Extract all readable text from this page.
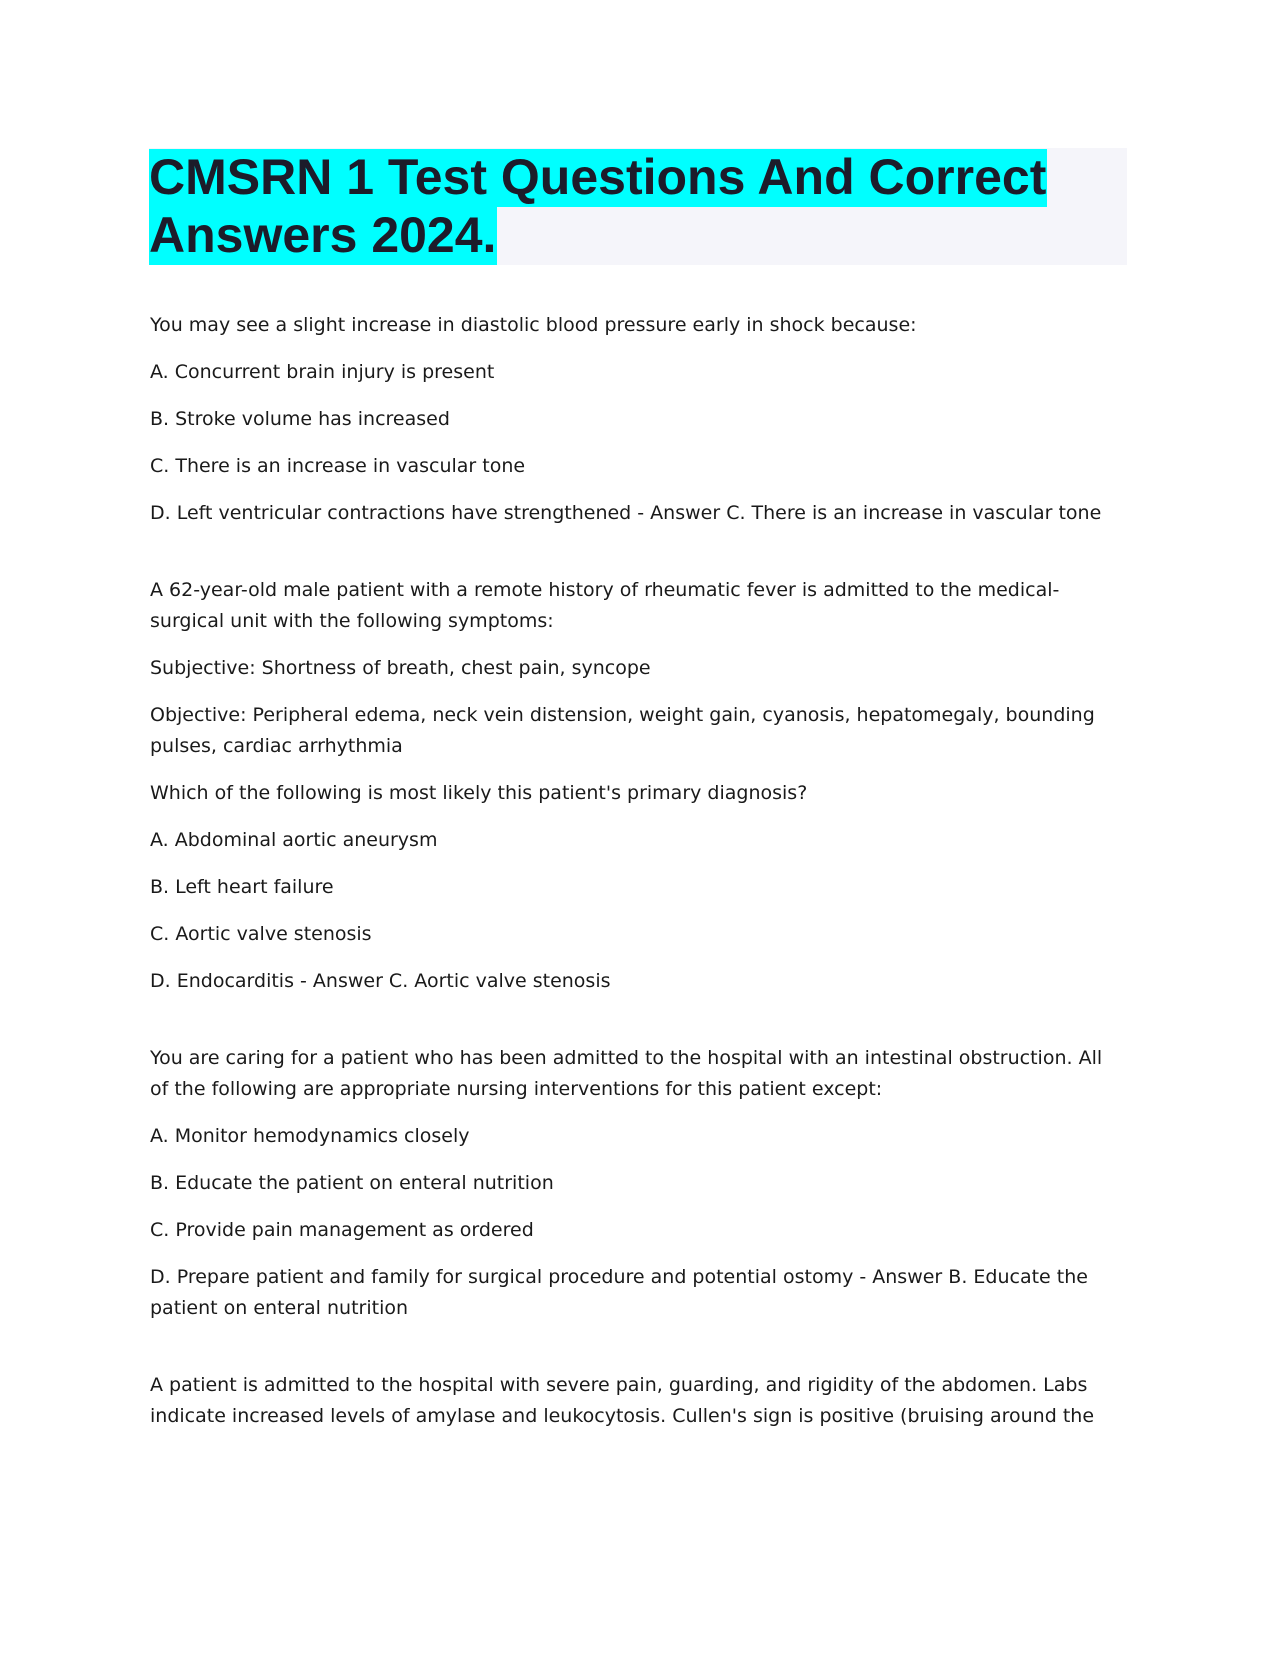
CMSRN 1 Test Questions And Correct Answers 2024.

You may see a slight increase in diastolic blood pressure early in shock because:

A. Concurrent brain injury is present

B. Stroke volume has increased

C. There is an increase in vascular tone

D. Left ventricular contractions have strengthened - Answer C. There is an increase in vascular tone

A 62-year-old male patient with a remote history of rheumatic fever is admitted to the medical-surgical unit with the following symptoms:

Subjective: Shortness of breath, chest pain, syncope

Objective: Peripheral edema, neck vein distension, weight gain, cyanosis, hepatomegaly, bounding pulses, cardiac arrhythmia

Which of the following is most likely this patient's primary diagnosis?

A. Abdominal aortic aneurysm

B. Left heart failure

C. Aortic valve stenosis

D. Endocarditis - Answer C. Aortic valve stenosis

You are caring for a patient who has been admitted to the hospital with an intestinal obstruction. All of the following are appropriate nursing interventions for this patient except:

A. Monitor hemodynamics closely

B. Educate the patient on enteral nutrition

C. Provide pain management as ordered

D. Prepare patient and family for surgical procedure and potential ostomy - Answer B. Educate the patient on enteral nutrition

A patient is admitted to the hospital with severe pain, guarding, and rigidity of the abdomen. Labs indicate increased levels of amylase and leukocytosis. Cullen's sign is positive (bruising around the
